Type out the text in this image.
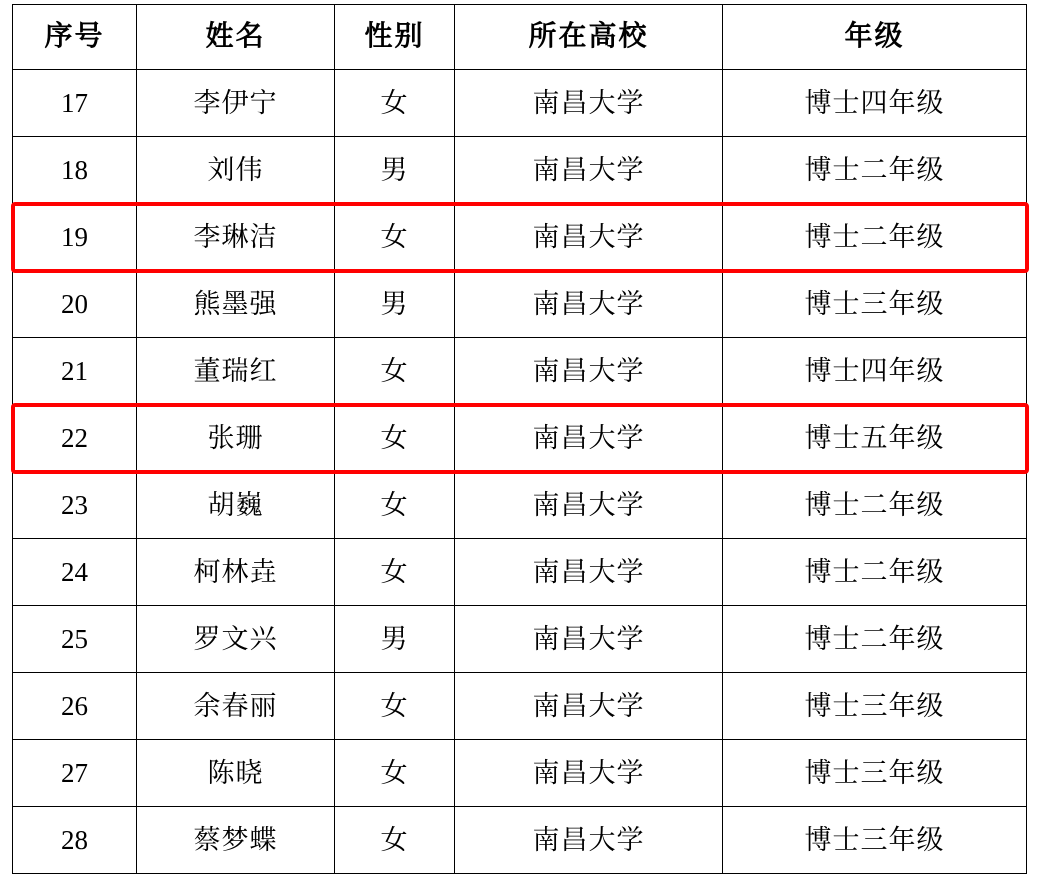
序号	姓名	性别	所在高校	年级
17	李伊宁	女	南昌大学	博士四年级
18	刘伟	男	南昌大学	博士二年级
19	李琳洁	女	南昌大学	博士二年级
20	熊墨强	男	南昌大学	博士三年级
21	董瑞红	女	南昌大学	博士四年级
22	张珊	女	南昌大学	博士五年级
23	胡巍	女	南昌大学	博士二年级
24	柯林垚	女	南昌大学	博士二年级
25	罗文兴	男	南昌大学	博士二年级
26	余春丽	女	南昌大学	博士三年级
27	陈晓	女	南昌大学	博士三年级
28	蔡梦蝶	女	南昌大学	博士三年级
